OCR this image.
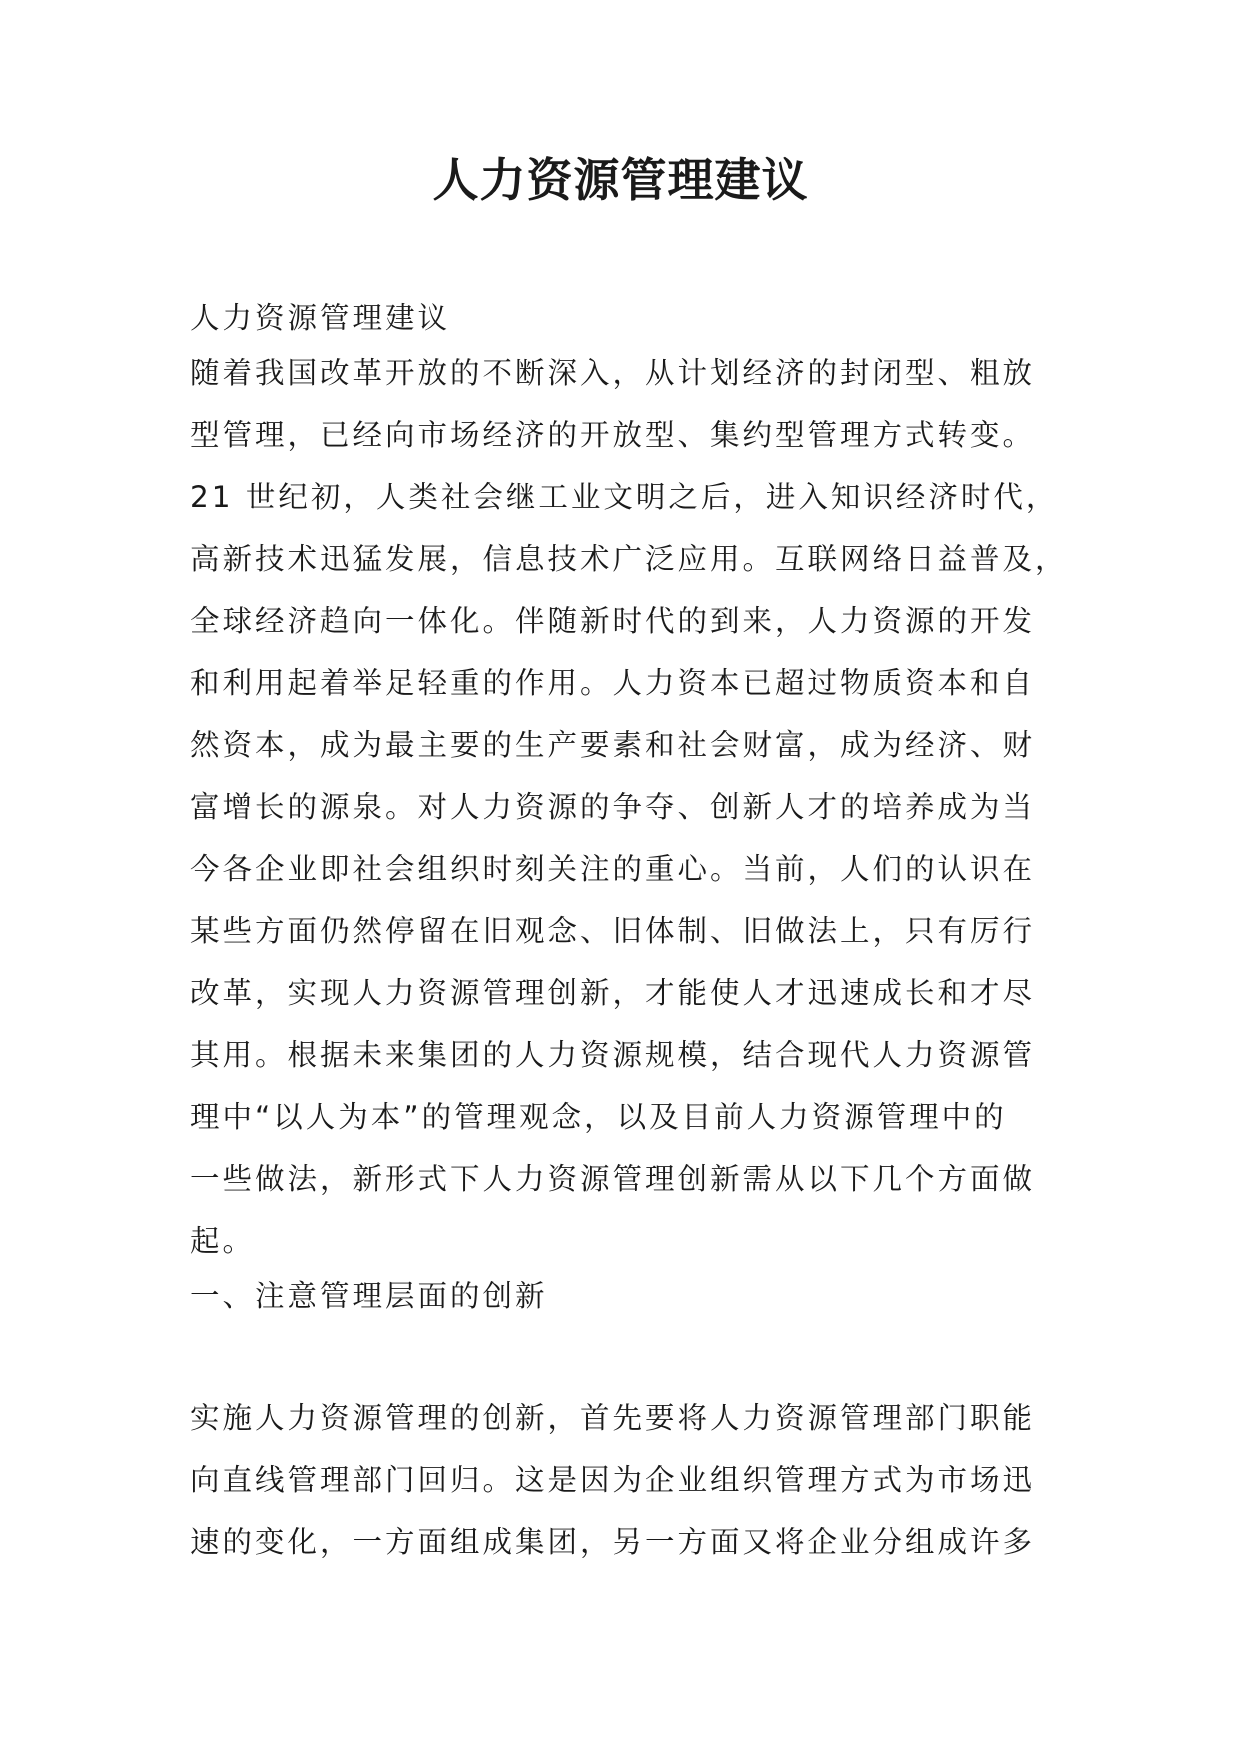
人力资源管理建议

人力资源管理建议

随着我国改革开放的不断深入，从计划经济的封闭型、粗放
型管理，已经向市场经济的开放型、集约型管理方式转变。
21 世纪初，人类社会继工业文明之后，进入知识经济时代，
高新技术迅猛发展，信息技术广泛应用。互联网络日益普及，
全球经济趋向一体化。伴随新时代的到来，人力资源的开发
和利用起着举足轻重的作用。人力资本已超过物质资本和自
然资本，成为最主要的生产要素和社会财富，成为经济、财
富增长的源泉。对人力资源的争夺、创新人才的培养成为当
今各企业即社会组织时刻关注的重心。当前，人们的认识在
某些方面仍然停留在旧观念、旧体制、旧做法上，只有厉行
改革，实现人力资源管理创新，才能使人才迅速成长和才尽
其用。根据未来集团的人力资源规模，结合现代人力资源管
理中“以人为本”的管理观念，以及目前人力资源管理中的
一些做法，新形式下人力资源管理创新需从以下几个方面做
起。

一、注意管理层面的创新

实施人力资源管理的创新，首先要将人力资源管理部门职能
向直线管理部门回归。这是因为企业组织管理方式为市场迅
速的变化，一方面组成集团，另一方面又将企业分组成许多
